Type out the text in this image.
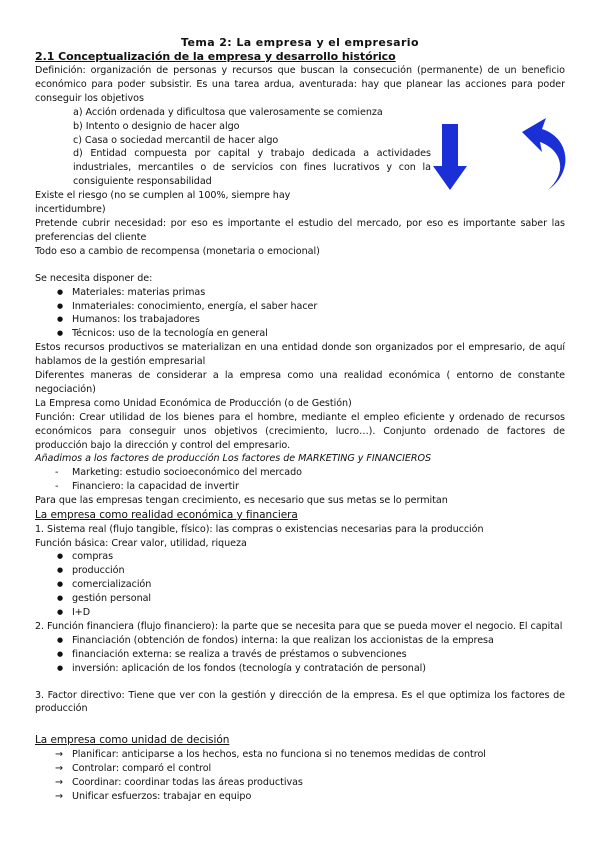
Tema 2: La empresa y el empresario
2.1 Conceptualización de la empresa y desarrollo histórico
Definición: organización de personas y recursos que buscan la consecución (permanente) de un beneficio económico para poder subsistir. Es una tarea ardua, aventurada: hay que planear las acciones para poder conseguir los objetivos
a) Acción ordenada y dificultosa que valerosamente se comienza
b) Intento o designio de hacer algo
c) Casa o sociedad mercantil de hacer algo
d) Entidad compuesta por capital y trabajo dedicada a actividades industriales, mercantiles o de servicios con fines lucrativos y con la consiguiente responsabilidad
Existe el riesgo (no se cumplen al 100%, siempre hay incertidumbre)
Pretende cubrir necesidad: por eso es importante el estudio del mercado, por eso es importante saber las preferencias del cliente
Todo eso a cambio de recompensa (monetaria o emocional)
Se necesita disponer de:
● Materiales: materias primas
● Inmateriales: conocimiento, energía, el saber hacer
● Humanos: los trabajadores
● Técnicos: uso de la tecnología en general
Estos recursos productivos se materializan en una entidad donde son organizados por el empresario, de aquí hablamos de la gestión empresarial
Diferentes maneras de considerar a la empresa como una realidad económica ( entorno de constante negociación)
La Empresa como Unidad Económica de Producción (o de Gestión)
Función: Crear utilidad de los bienes para el hombre, mediante el empleo eficiente y ordenado de recursos económicos para conseguir unos objetivos (crecimiento, lucro…). Conjunto ordenado de factores de producción bajo la dirección y control del empresario.
Añadimos a los factores de producción Los factores de MARKETING y FINANCIEROS
- Marketing: estudio socioeconómico del mercado
- Financiero: la capacidad de invertir
Para que las empresas tengan crecimiento, es necesario que sus metas se lo permitan
La empresa como realidad económica y financiera
1. Sistema real (flujo tangible, físico): las compras o existencias necesarias para la producción
Función básica: Crear valor, utilidad, riqueza
● compras
● producción
● comercialización
● gestión personal
● I+D
2. Función financiera (flujo financiero): la parte que se necesita para que se pueda mover el negocio. El capital
● Financiación (obtención de fondos) interna: la que realizan los accionistas de la empresa
● financiación externa: se realiza a través de préstamos o subvenciones
● inversión: aplicación de los fondos (tecnología y contratación de personal)
3. Factor directivo: Tiene que ver con la gestión y dirección de la empresa. Es el que optimiza los factores de producción
La empresa como unidad de decisión
→ Planificar: anticiparse a los hechos, esta no funciona si no tenemos medidas de control
→ Controlar: comparó el control
→ Coordinar: coordinar todas las áreas productivas
→ Unificar esfuerzos: trabajar en equipo
